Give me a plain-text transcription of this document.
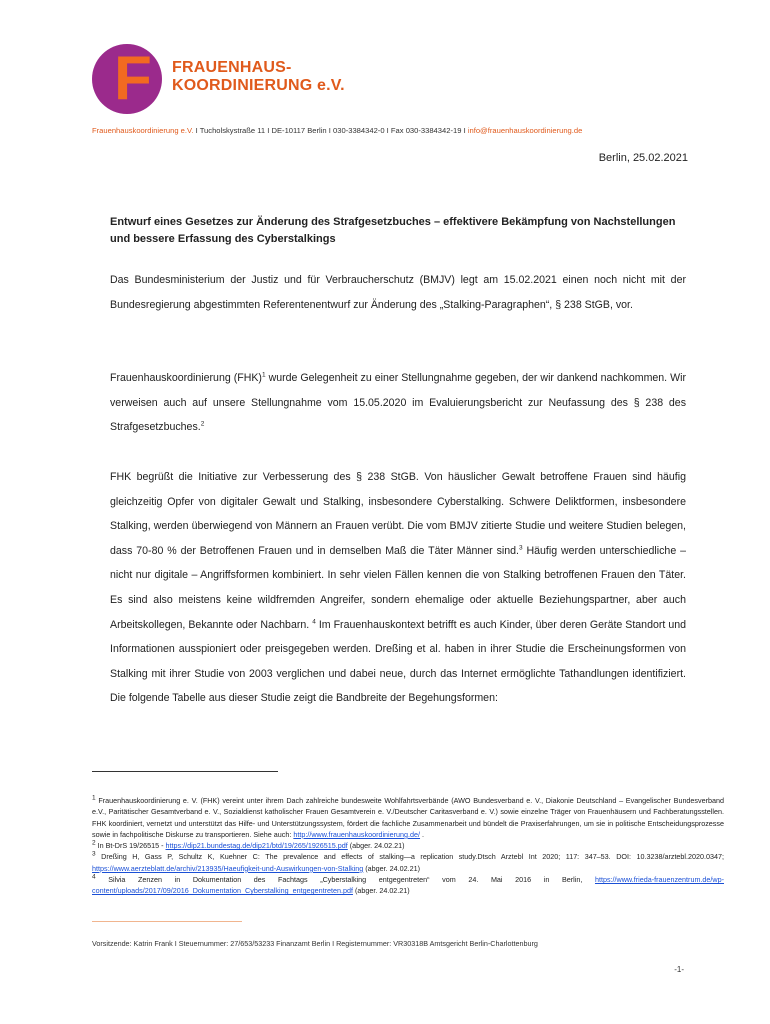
F FRAUENHAUS-
KOORDINIERUNG e.V.
Frauenhauskoordinierung e.V. I Tucholskystraße 11 I DE-10117 Berlin I 030-3384342-0 I Fax 030-3384342-19 I info@frauenhauskoordinierung.de
Berlin, 25.02.2021
Entwurf eines Gesetzes zur Änderung des Strafgesetzbuches – effektivere Bekämpfung von Nachstellungen und bessere Erfassung des Cyberstalkings
Das Bundesministerium der Justiz und für Verbraucherschutz (BMJV) legt am 15.02.2021 einen noch nicht mit der Bundesregierung abgestimmten Referentenentwurf zur Änderung des „Stalking-Paragraphen“, § 238 StGB, vor.
Frauenhauskoordinierung (FHK)$^1$ wurde Gelegenheit zu einer Stellungnahme gegeben, der wir dankend nachkommen. Wir verweisen auch auf unsere Stellungnahme vom 15.05.2020 im Evaluierungsbericht zur Neufassung des § 238 des Strafgesetzbuches.$^2$
FHK begrüßt die Initiative zur Verbesserung des § 238 StGB. Von häuslicher Gewalt betroffene Frauen sind häufig gleichzeitig Opfer von digitaler Gewalt und Stalking, insbesondere Cyberstalking. Schwere Deliktformen, insbesondere Stalking, werden überwiegend von Männern an Frauen verübt. Die vom BMJV zitierte Studie und weitere Studien belegen, dass 70-80 % der Betroffenen Frauen und in demselben Maß die Täter Männer sind.$^3$ Häufig werden unterschiedliche – nicht nur digitale – Angriffsformen kombiniert. In sehr vielen Fällen kennen die von Stalking betroffenen Frauen den Täter. Es sind also meistens keine wildfremden Angreifer, sondern ehemalige oder aktuelle Beziehungspartner, aber auch Arbeitskollegen, Bekannte oder Nachbarn. $^4$ Im Frauenhauskontext betrifft es auch Kinder, über deren Geräte Standort und Informationen ausspioniert oder preisgegeben werden. Dreßing et al. haben in ihrer Studie die Erscheinungsformen von Stalking mit ihrer Studie von 2003 verglichen und dabei neue, durch das Internet ermöglichte Tathandlungen identifiziert. Die folgende Tabelle aus dieser Studie zeigt die Bandbreite der Begehungsformen:

$^1$ Frauenhauskoordinierung e. V. (FHK) vereint unter ihrem Dach zahlreiche bundesweite Wohlfahrtsverbände (AWO Bundesverband e. V., Diakonie Deutschland – Evangelischer Bundesverband e.V., Paritätischer Gesamtverband e. V., Sozialdienst katholischer Frauen Gesamtverein e. V./Deutscher Caritasverband e. V.) sowie einzelne Träger von Frauenhäusern und Fachberatungsstellen. FHK koordiniert, vernetzt und unterstützt das Hilfe- und Unterstützungssystem, fördert die fachliche Zusammenarbeit und bündelt die Praxiserfahrungen, um sie in politische Entscheidungsprozesse sowie in fachpolitische Diskurse zu transportieren. Siehe auch: http://www.frauenhauskoordinierung.de/ .

$^2$ In Bt-DrS 19/26515 - https://dip21.bundestag.de/dip21/btd/19/265/1926515.pdf (abger. 24.02.21)

$^3$ Dreßing H, Gass P, Schultz K, Kuehner C: The prevalence and effects of stalking—a replication study.Dtsch Arztebl Int 2020; 117: 347–53. DOI: 10.3238/arztebl.2020.0347; https://www.aerzteblatt.de/archiv/213935/Haeufigkeit-und-Auswirkungen-von-Stalking (abger. 24.02.21)

$^4$ Silvia Zenzen in Dokumentation des Fachtags „Cyberstalking entgegentreten“ vom 24. Mai 2016 in Berlin, https://www.frieda-frauenzentrum.de/wp-content/uploads/2017/09/2016_Dokumentation_Cyberstalking_entgegentreten.pdf (abger. 24.02.21)

Vorsitzende: Katrin Frank I Steuernummer: 27/653/53233 Finanzamt Berlin I Registernummer: VR30318B Amtsgericht Berlin-Charlottenburg
-1-
